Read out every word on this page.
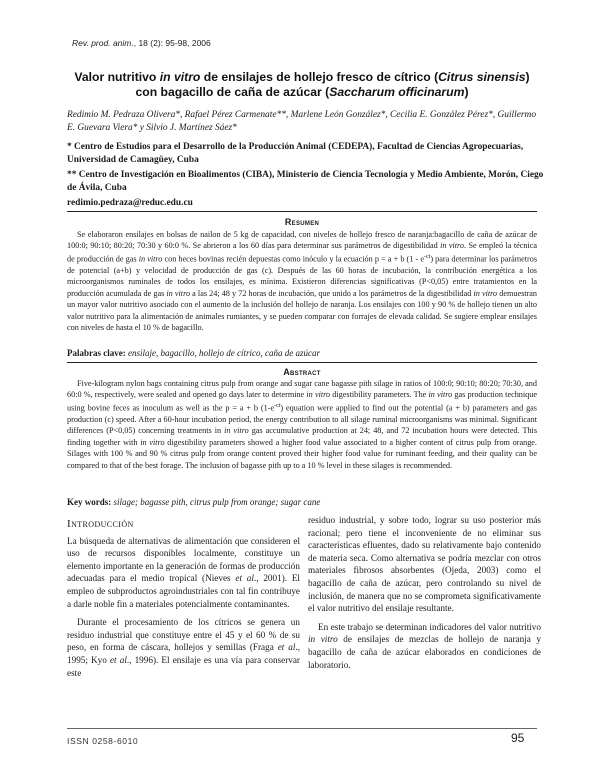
Rev. prod. anim., 18 (2): 95-98, 2006
Valor nutritivo in vitro de ensilajes de hollejo fresco de cítrico (Citrus sinensis) con bagacillo de caña de azúcar (Saccharum officinarum)
Redimio M. Pedraza Olivera*, Rafael Pérez Carmenate**, Marlene León González*, Cecilia E. González Pérez*, Guillermo E. Guevara Viera* y Silvio J. Martínez Sáez*
* Centro de Estudios para el Desarrollo de la Producción Animal (CEDEPA), Facultad de Ciencias Agropecuarias, Universidad de Camagüey, Cuba
** Centro de Investigación en Bioalimentos (CIBA), Ministerio de Ciencia Tecnología y Medio Ambiente, Morón, Ciego de Ávila, Cuba
redimio.pedraza@reduc.edu.cu
Resumen
Se elaboraron ensilajes en bolsas de nailon de 5 kg de capacidad, con niveles de hollejo fresco de naranja:bagacillo de caña de azúcar de 100:0; 90:10; 80:20; 70:30 y 60:0 %. Se abrieron a los 60 días para determinar sus parámetros de digestibilidad in vitro. Se empleó la técnica de producción de gas in vitro con heces bovinas recién depuestas como inóculo y la ecuación p = a + b $(1 - e^{-ct})$ para determinar los parámetros de potencial (a+b) y velocidad de producción de gas (c). Después de las 60 horas de incubación, la contribución energética a los microorganismos ruminales de todos los ensilajes, es mínima. Existieron diferencias significativas (P<0,05) entre tratamientos en la producción acumulada de gas in vitro a las 24; 48 y 72 horas de incubación, que unido a los parámetros de la digestibilidad in vitro demuestran un mayor valor nutritivo asociado con el aumento de la inclusión del hollejo de naranja. Los ensilajes con 100 y 90 % de hollejo tienen un alto valor nutritivo para la alimentación de animales rumiantes, y se pueden comparar con forrajes de elevada calidad. Se sugiere emplear ensilajes con niveles de hasta el 10 % de bagacillo.
Palabras clave: ensilaje, bagacillo, hollejo de cítrico, caña de azúcar
Abstract
Five-kilogram nylon bags containing citrus pulp from orange and sugar cane bagasse pith silage in ratios of 100:0; 90:10; 80:20; 70:30, and 60:0 %, respectively, were sealed and opened go days later to determine in vitro digestibility parameters. The in vitro gas production technique using bovine feces as inoculum as well as the p = a + b $(1-e^{-ct})$ equation were applied to find out the potential (a + b) parameters and gas production (c) speed. After a 60-hour incubation period, the energy contribution to all silage ruminal microorganisms was minimal. Significant differences (P<0,05) concerning treatments in in vitro gas accumulative production at 24; 48, and 72 incubation hours were detected. This finding together with in vitro digestibility parameters showed a higher food value associated to a higher content of citrus pulp from orange. Silages with 100 % and 90 % citrus pulp from orange content proved their higher food value for ruminant feeding, and their quality can be compared to that of the best forage. The inclusion of bagasse pith up to a 10 % level in these silages is recommended.
Key words: silage; bagasse pith, citrus pulp from orange; sugar cane
Introducción

La búsqueda de alternativas de alimentación que consideren el uso de recursos disponibles localmente, constituye un elemento importante en la generación de formas de producción adecuadas para el medio tropical (Nieves et al., 2001). El empleo de subproductos agroindustriales con tal fin contribuye a darle noble fin a materiales potencialmente contaminantes.

Durante el procesamiento de los cítricos se genera un residuo industrial que constituye entre el 45 y el 60 % de su peso, en forma de cáscara, hollejos y semillas (Fraga et al., 1995; Kyo et al., 1996). El ensilaje es una vía para conservar este

residuo industrial, y sobre todo, lograr su uso posterior más racional; pero tiene el inconveniente de no eliminar sus características efluentes, dado su relativamente bajo contenido de materia seca. Como alternativa se podría mezclar con otros materiales fibrosos absorbentes (Ojeda, 2003) como el bagacillo de caña de azúcar, pero controlando su nivel de inclusión, de manera que no se comprometa significativamente el valor nutritivo del ensilaje resultante.

En este trabajo se determinan indicadores del valor nutritivo in vitro de ensilajes de mezclas de hollejo de naranja y bagacillo de caña de azúcar elaborados en condiciones de laboratorio.

ISSN 0258-6010	95
